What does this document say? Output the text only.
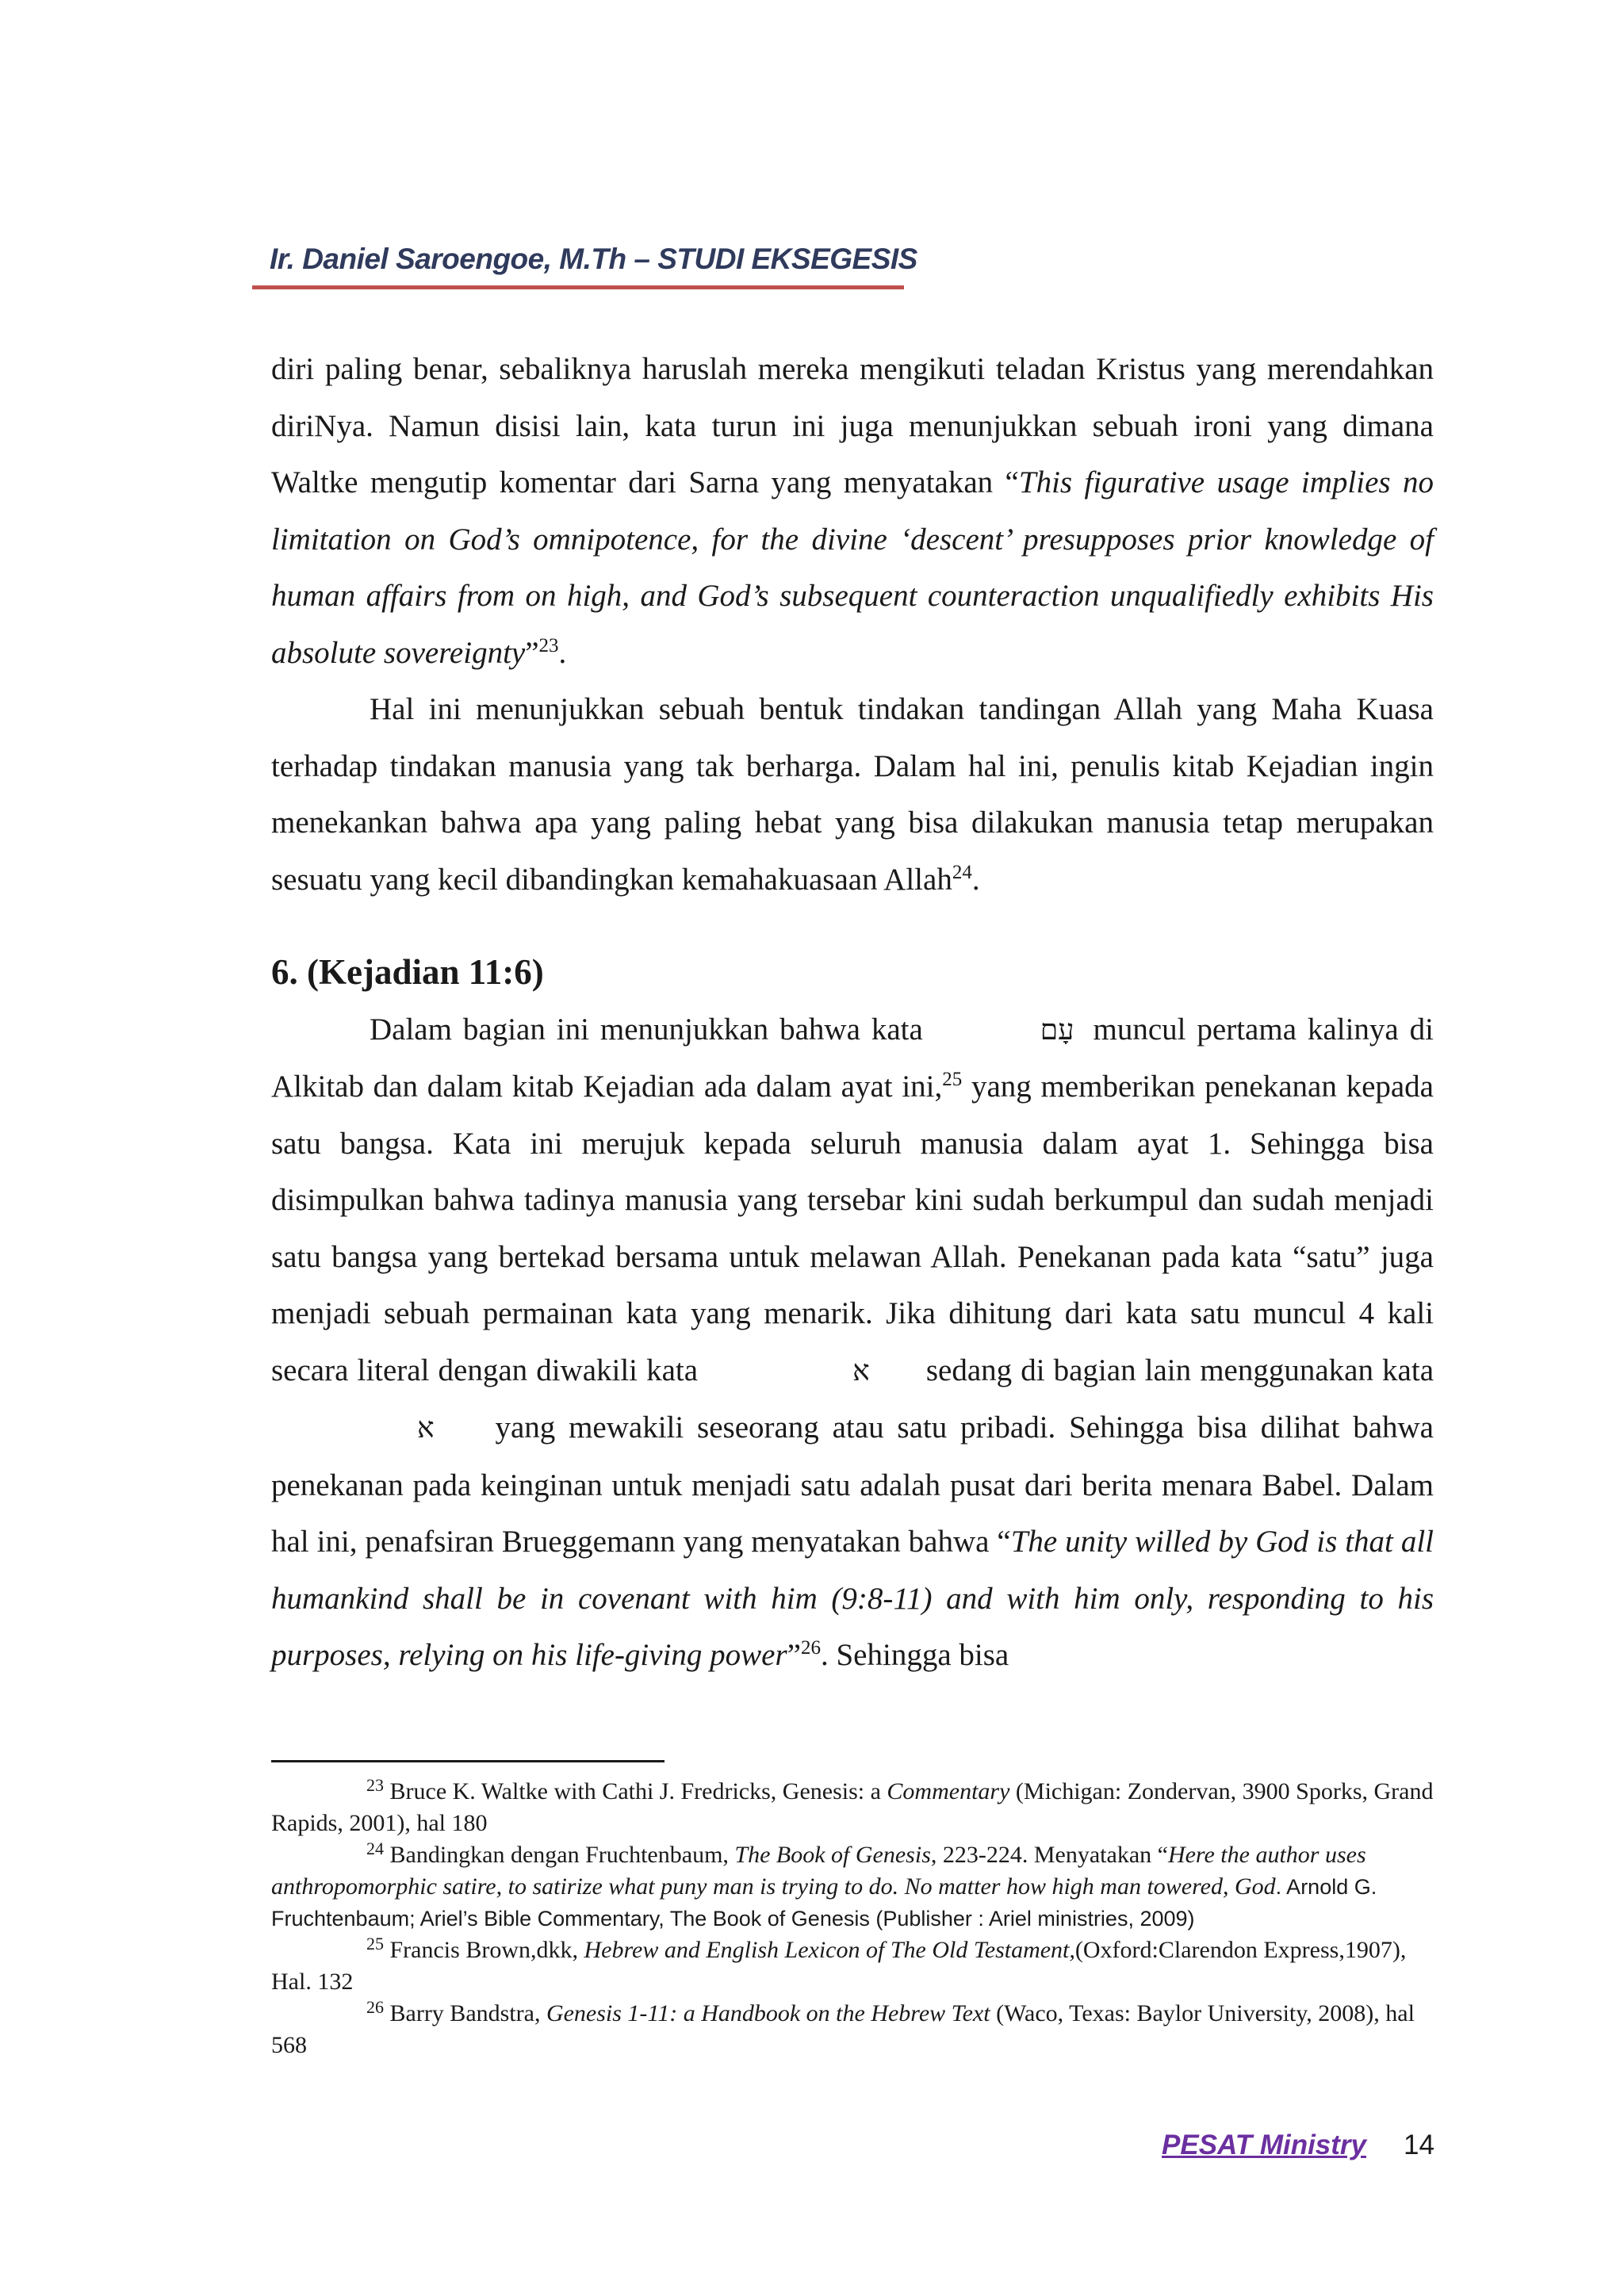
Ir. Daniel Saroengoe, M.Th – STUDI EKSEGESIS

diri paling benar, sebaliknya haruslah mereka mengikuti teladan Kristus yang merendahkan diriNya. Namun disisi lain, kata turun ini juga menunjukkan sebuah ironi yang dimana Waltke mengutip komentar dari Sarna yang menyatakan “This figurative usage implies no limitation on God’s omnipotence, for the divine ‘descent’ presupposes prior knowledge of human affairs from on high, and God’s subsequent counteraction unqualifiedly exhibits His absolute sovereignty”$^{23}$.

Hal ini menunjukkan sebuah bentuk tindakan tandingan Allah yang Maha Kuasa terhadap tindakan manusia yang tak berharga. Dalam hal ini, penulis kitab Kejadian ingin menekankan bahwa apa yang paling hebat yang bisa dilakukan manusia tetap merupakan sesuatu yang kecil dibandingkan kemahakuasaan Allah$^{24}$.

6. (Kejadian 11:6)

Dalam bagian ini menunjukkan bahwa kata	עָם muncul pertama kalinya di Alkitab dan dalam kitab Kejadian ada dalam ayat ini,$^{25}$ yang memberikan penekanan kepada satu bangsa. Kata ini merujuk kepada seluruh manusia dalam ayat 1. Sehingga bisa disimpulkan bahwa tadinya manusia yang tersebar kini sudah berkumpul dan sudah menjadi satu bangsa yang bertekad bersama untuk melawan Allah. Penekanan pada kata “satu” juga menjadi sebuah permainan kata yang menarik. Jika dihitung dari kata satu muncul 4 kali secara literal dengan diwakili kata	א sedang di bagian lain menggunakan kata א yang mewakili seseorang atau satu pribadi. Sehingga bisa dilihat bahwa penekanan pada keinginan untuk menjadi satu adalah pusat dari berita menara Babel. Dalam hal ini, penafsiran Brueggemann yang menyatakan bahwa “The unity willed by God is that all humankind shall be in covenant with him (9:8-11) and with him only, responding to his purposes, relying on his life-giving power”$^{26}$. Sehingga bisa

$^{23}$ Bruce K. Waltke with Cathi J. Fredricks, Genesis: a Commentary (Michigan: Zondervan, 3900 Sporks, Grand Rapids, 2001), hal 180

$^{24}$ Bandingkan dengan Fruchtenbaum, The Book of Genesis, 223-224. Menyatakan “Here the author uses anthropomorphic satire, to satirize what puny man is trying to do. No matter how high man towered, God. Arnold G. Fruchtenbaum; Ariel’s Bible Commentary, The Book of Genesis (Publisher : Ariel ministries, 2009)

$^{25}$ Francis Brown,dkk, Hebrew and English Lexicon of The Old Testament,(Oxford:Clarendon Express,1907), Hal. 132

$^{26}$ Barry Bandstra, Genesis 1-11: a Handbook on the Hebrew Text (Waco, Texas: Baylor University, 2008), hal 568

PESAT Ministry 14
